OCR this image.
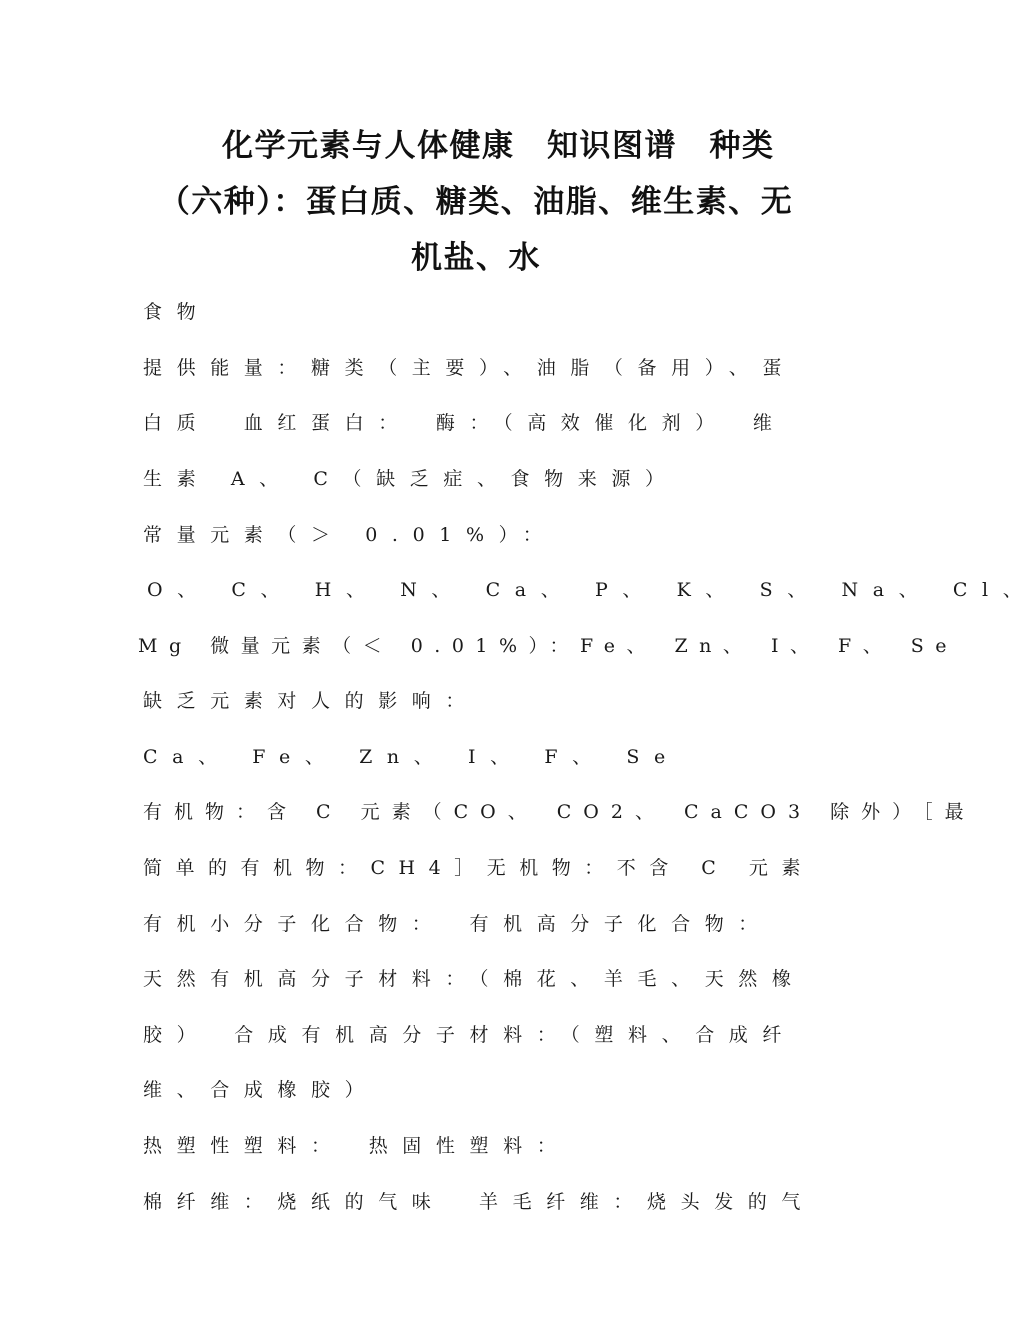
化学元素与人体健康　知识图谱　种类
（六种）：蛋白质、糖类、油脂、维生素、无
机盐、水
食物
提供能量：糖类（主要）、油脂（备用）、蛋
白质　血红蛋白：　酶：（高效催化剂）　维
生素 A、 C（缺乏症、食物来源）
常量元素（＞ 0.01%）：
O、 C、 H、 N、 Ca、 P、 K、 S、 Na、 Cl、
Mg 微量元素（＜ 0.01%）：Fe、 Zn、 I、 F、 Se
缺乏元素对人的影响：
Ca、 Fe、 Zn、 I、 F、 Se
有机物：含 C 元素（CO、 CO2、 CaCO3 除外）［最
简单的有机物：CH4］无机物：不含 C 元素
有机小分子化合物：　有机高分子化合物：
天然有机高分子材料：（棉花、羊毛、天然橡
胶）　合成有机高分子材料：（塑料、合成纤
维、合成橡胶）
热塑性塑料：　热固性塑料：
棉纤维：烧纸的气味　羊毛纤维：烧头发的气
